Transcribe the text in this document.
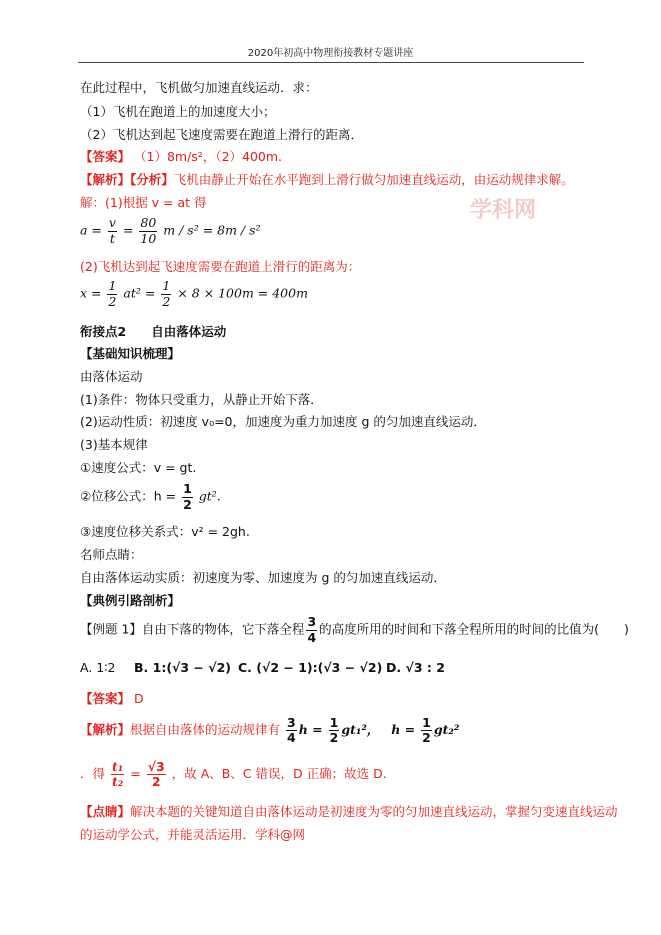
2020年初高中物理衔接教材专题讲座
在此过程中，飞机做匀加速直线运动．求：
（1）飞机在跑道上的加速度大小；
（2）飞机达到起飞速度需要在跑道上滑行的距离．
【答案】 （1）8m/s²，（2）400m.
【解析】【分析】飞机由静止开始在水平跑到上滑行做匀加速直线运动，由运动规律求解。
学科网
解：(1)根据 v = at 得
$a = \frac{v}{t} = \frac{80}{10}$ m / s² = 8m / s²
(2)飞机达到起飞速度需要在跑道上滑行的距离为：
$x = \frac{1}{2} at^2 = \frac{1}{2} \times 8 \times 100m = 400m$
衔接点2　　自由落体运动
【基础知识梳理】
由落体运动
(1)条件：物体只受重力，从静止开始下落．
(2)运动性质：初速度 v₀=0，加速度为重力加速度 g 的匀加速直线运动．
(3)基本规律
①速度公式：v = gt.
②位移公式：$h = \frac{1}{2} gt^2$.
③速度位移关系式：v² = 2gh.
名师点睛：
自由落体运动实质：初速度为零、加速度为 g 的匀加速直线运动．
【典例引路剖析】
【例题 1】自由下落的物体，它下落全程 $\frac{3}{4}$ 的高度所用的时间和下落全程所用的时间的比值为(　　)
A. 1∶2 B. 1:(√3 − √2) C. (√2 − 1):(√3 − √2) D. √3 : 2
【答案】 D
【解析】根据自由落体的运动规律有 $\frac{3}{4}$ $h = \frac{1}{2} gt_1^2$， $h = \frac{1}{2} gt_2^2$
．得 $\frac{\text{t₁}}{\text{t₂}} = \frac{√3}{2}$ ，故 A、B、C 错误，D 正确；故选 D.
【点睛】解决本题的关键知道自由落体运动是初速度为零的匀加速直线运动，掌握匀变速直线运动
的运动学公式，并能灵活运用．学科@网
